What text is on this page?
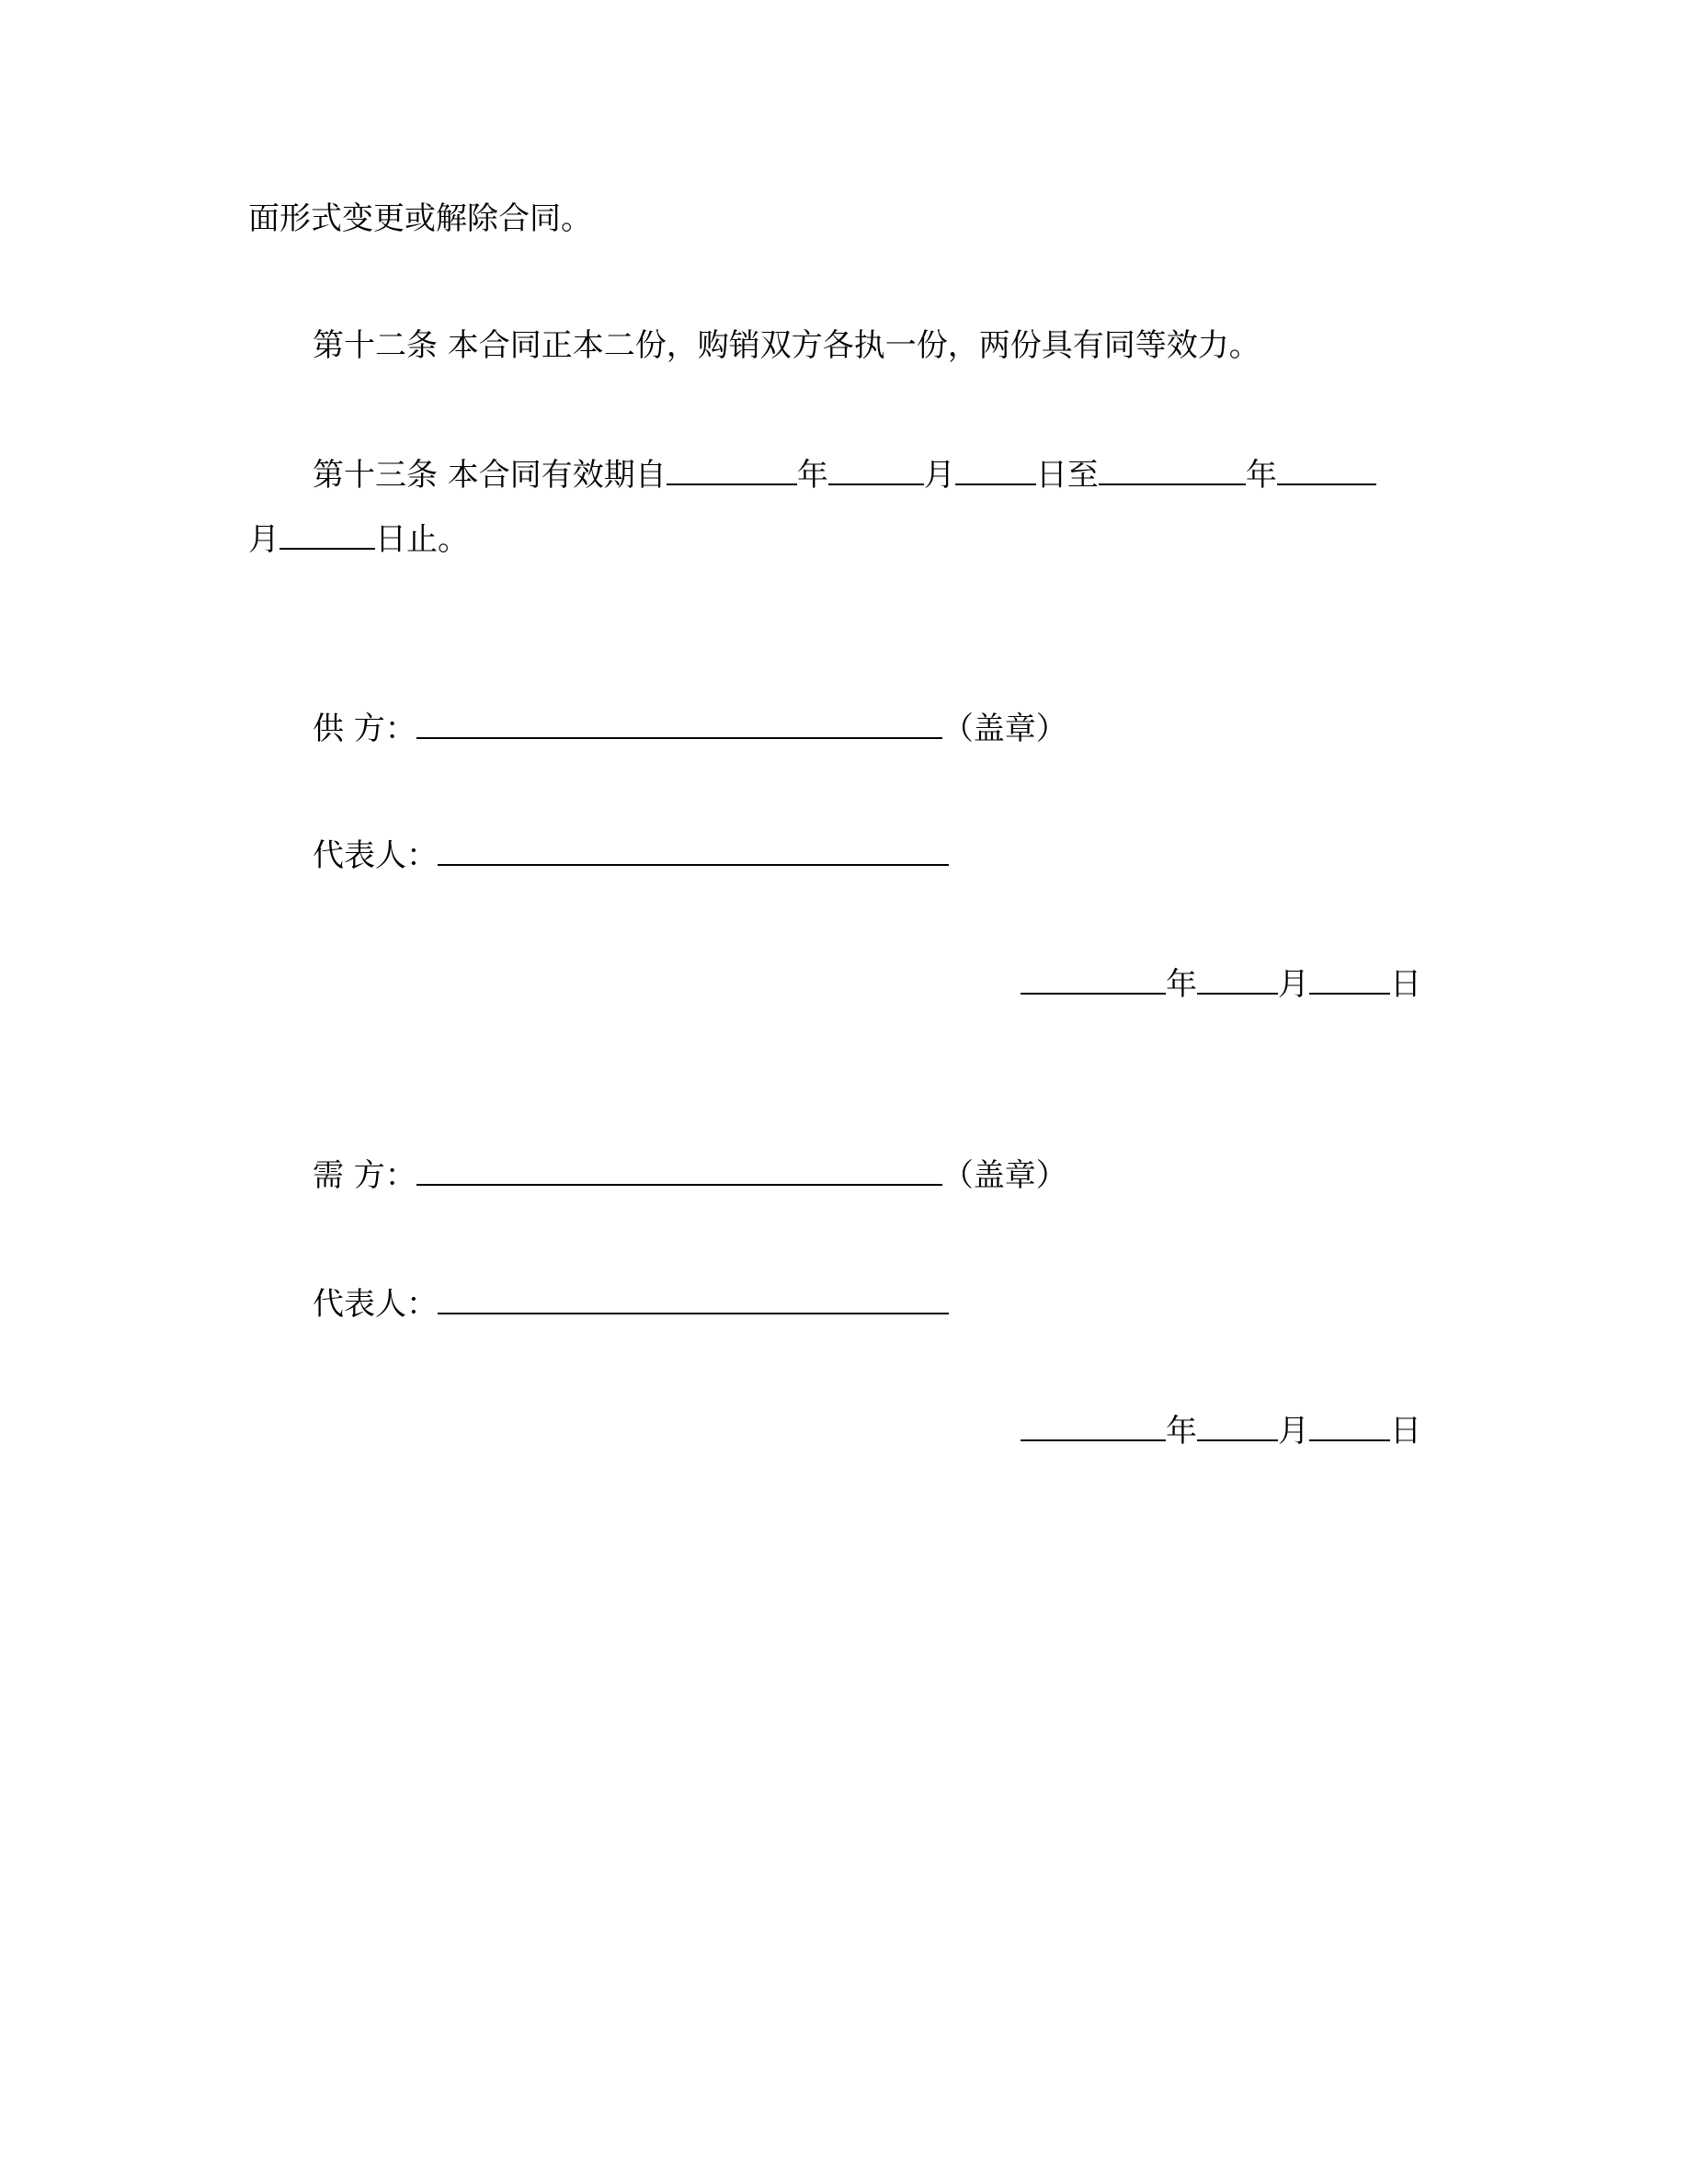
面形式变更或解除合同。
第十二条 本合同正本二份，购销双方各执一份，两份具有同等效力。
第十三条 本合同有效期自	年	月	日至	年
月	日止。
供 方：	（盖章）
代表人：
年	月	日
需 方：	（盖章）
代表人：
年	月	日
